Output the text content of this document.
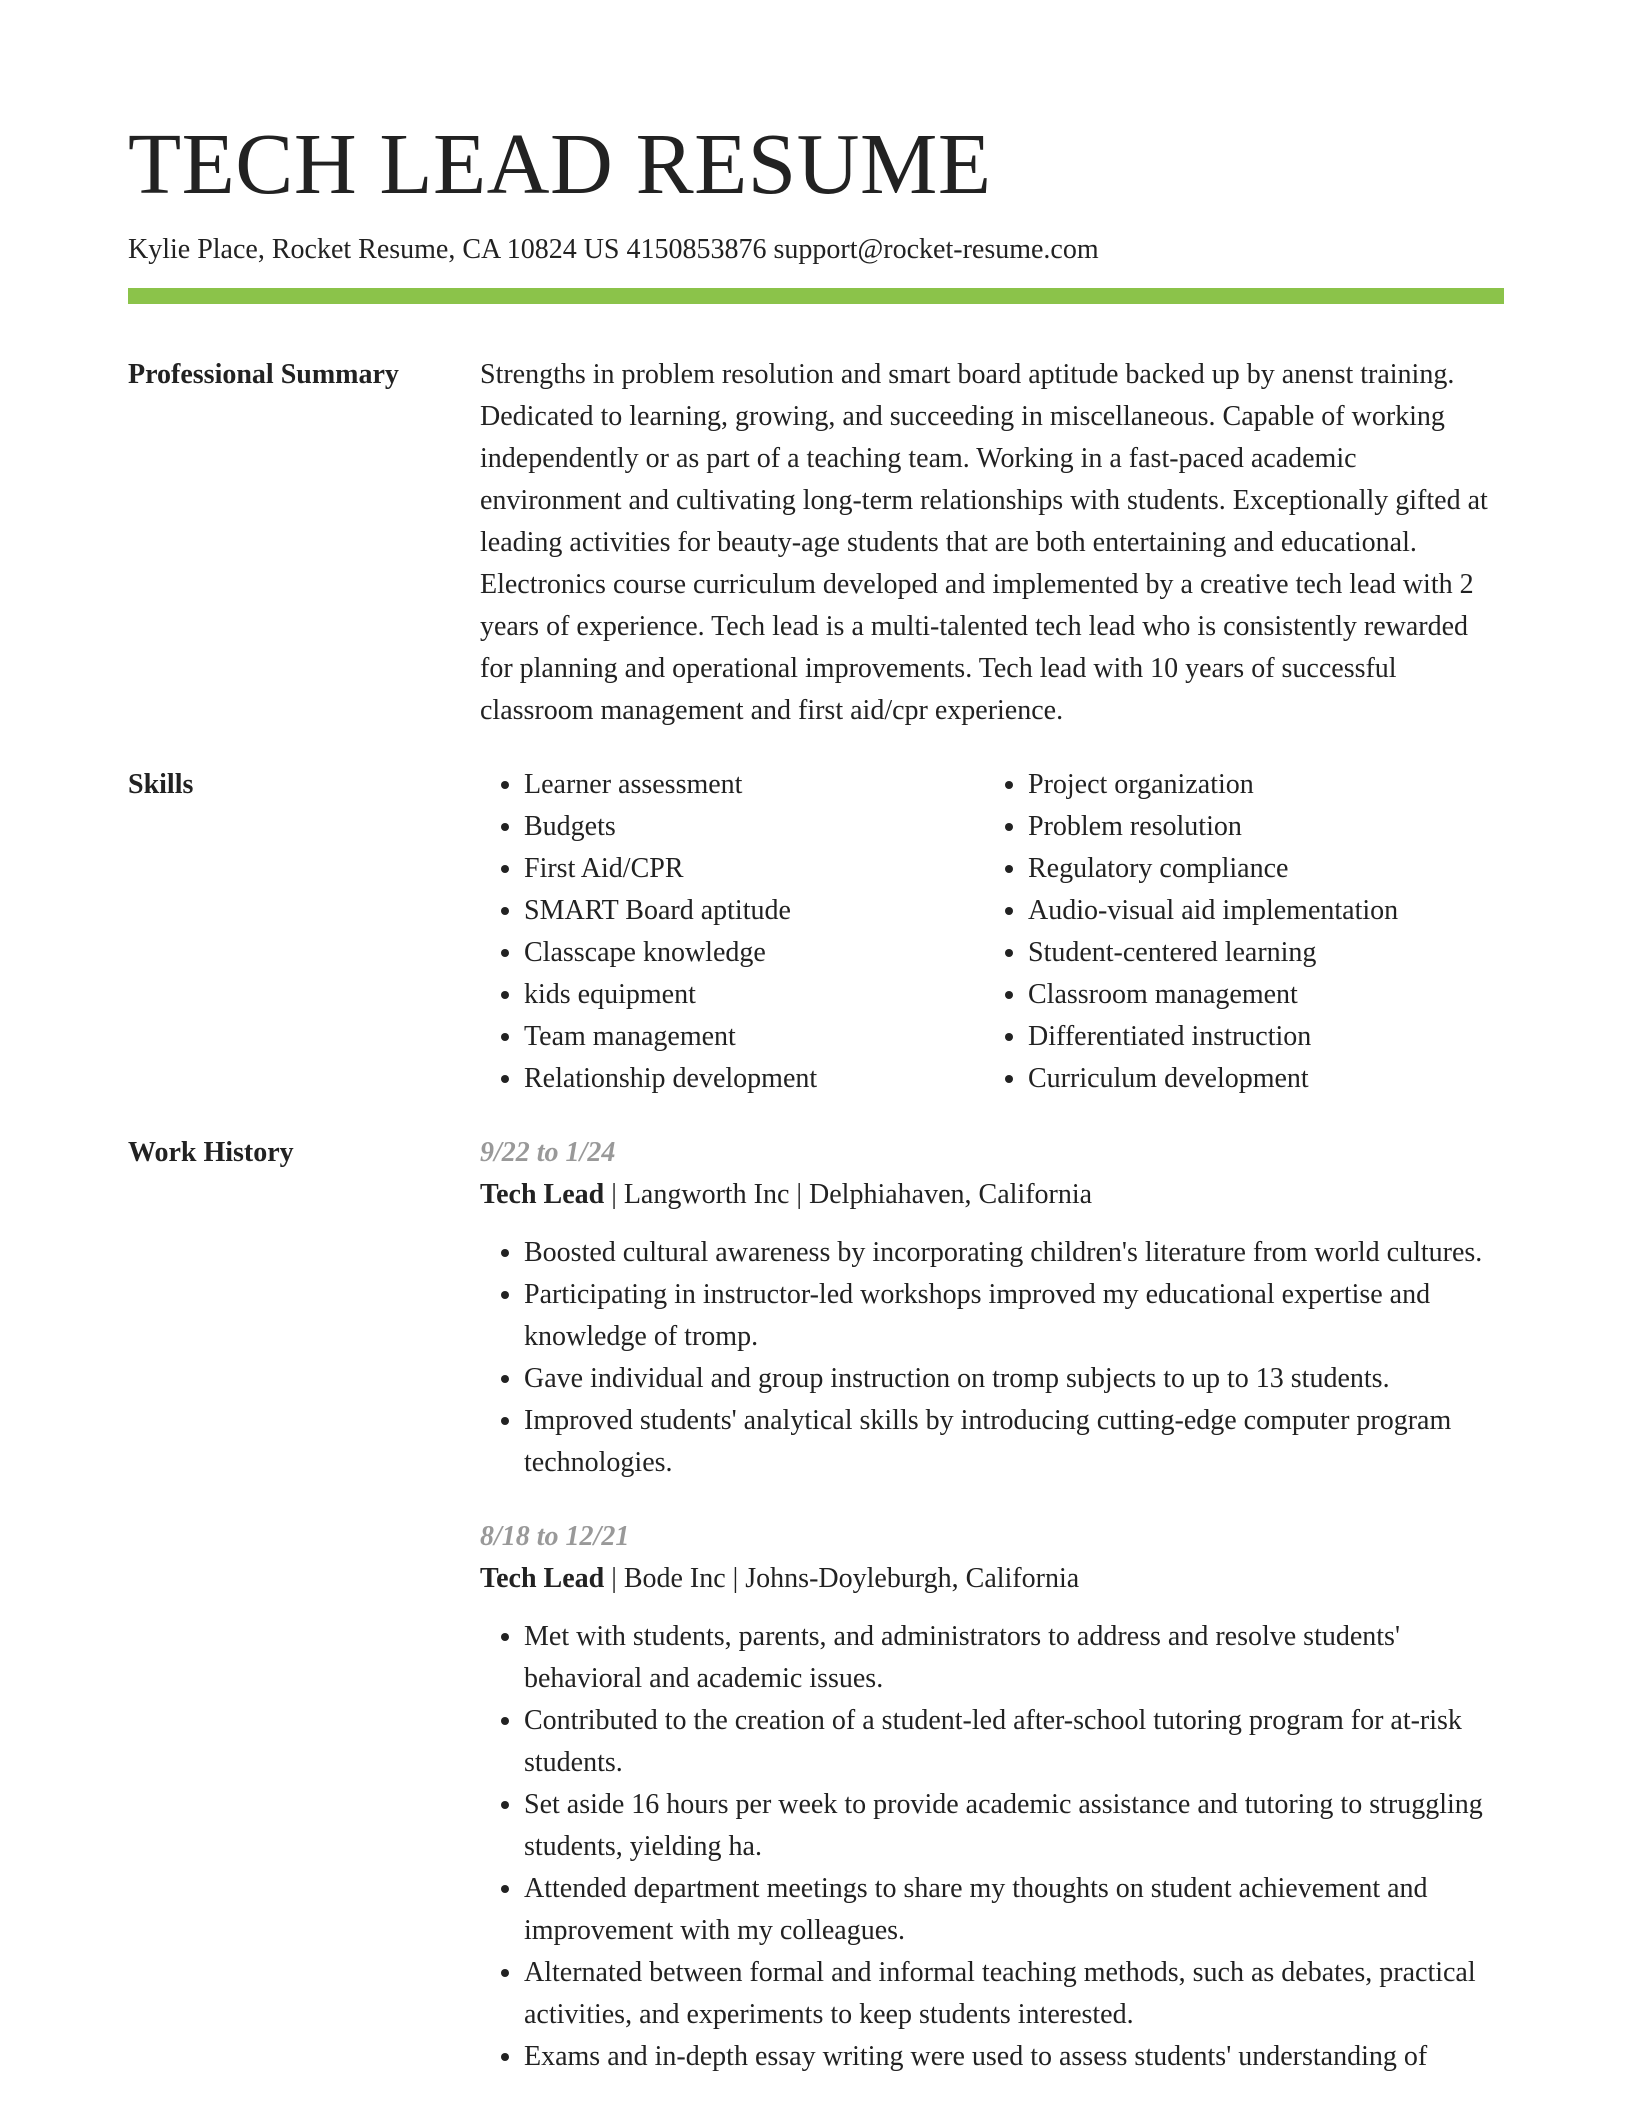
TECH LEAD RESUME
Kylie Place, Rocket Resume, CA 10824 US 4150853876 support@rocket-resume.com
Professional Summary	Strengths in problem resolution and smart board aptitude backed up by anenst training. Dedicated to learning, growing, and succeeding in miscellaneous. Capable of working independently or as part of a teaching team. Working in a fast-paced academic environment and cultivating long-term relationships with students. Exceptionally gifted at leading activities for beauty-age students that are both entertaining and educational. Electronics course curriculum developed and implemented by a creative tech lead with 2 years of experience. Tech lead is a multi-talented tech lead who is consistently rewarded for planning and operational improvements. Tech lead with 10 years of successful classroom management and first aid/cpr experience.

Skills
•	Learner assessment
• Budgets
• First Aid/CPR
• SMART Board aptitude
• Classcape knowledge
• kids equipment
• Team management
• Relationship development
• Project organization
• Problem resolution
• Regulatory compliance
• Audio-visual aid implementation
• Student-centered learning
• Classroom management
• Differentiated instruction
• Curriculum development
Work History	9/22 to 1/24
Tech Lead | Langworth Inc | Delphiahaven, California
• Boosted cultural awareness by incorporating children's literature from world cultures.
• Participating in instructor-led workshops improved my educational expertise and knowledge of tromp.
• Gave individual and group instruction on tromp subjects to up to 13 students.
• Improved students' analytical skills by introducing cutting-edge computer program technologies.
8/18 to 12/21
Tech Lead | Bode Inc | Johns-Doyleburgh, California
• Met with students, parents, and administrators to address and resolve students' behavioral and academic issues.
• Contributed to the creation of a student-led after-school tutoring program for at-risk students.
• Set aside 16 hours per week to provide academic assistance and tutoring to struggling students, yielding ha.
• Attended department meetings to share my thoughts on student achievement and improvement with my colleagues.
• Alternated between formal and informal teaching methods, such as debates, practical activities, and experiments to keep students interested.
• Exams and in-depth essay writing were used to assess students' understanding of
